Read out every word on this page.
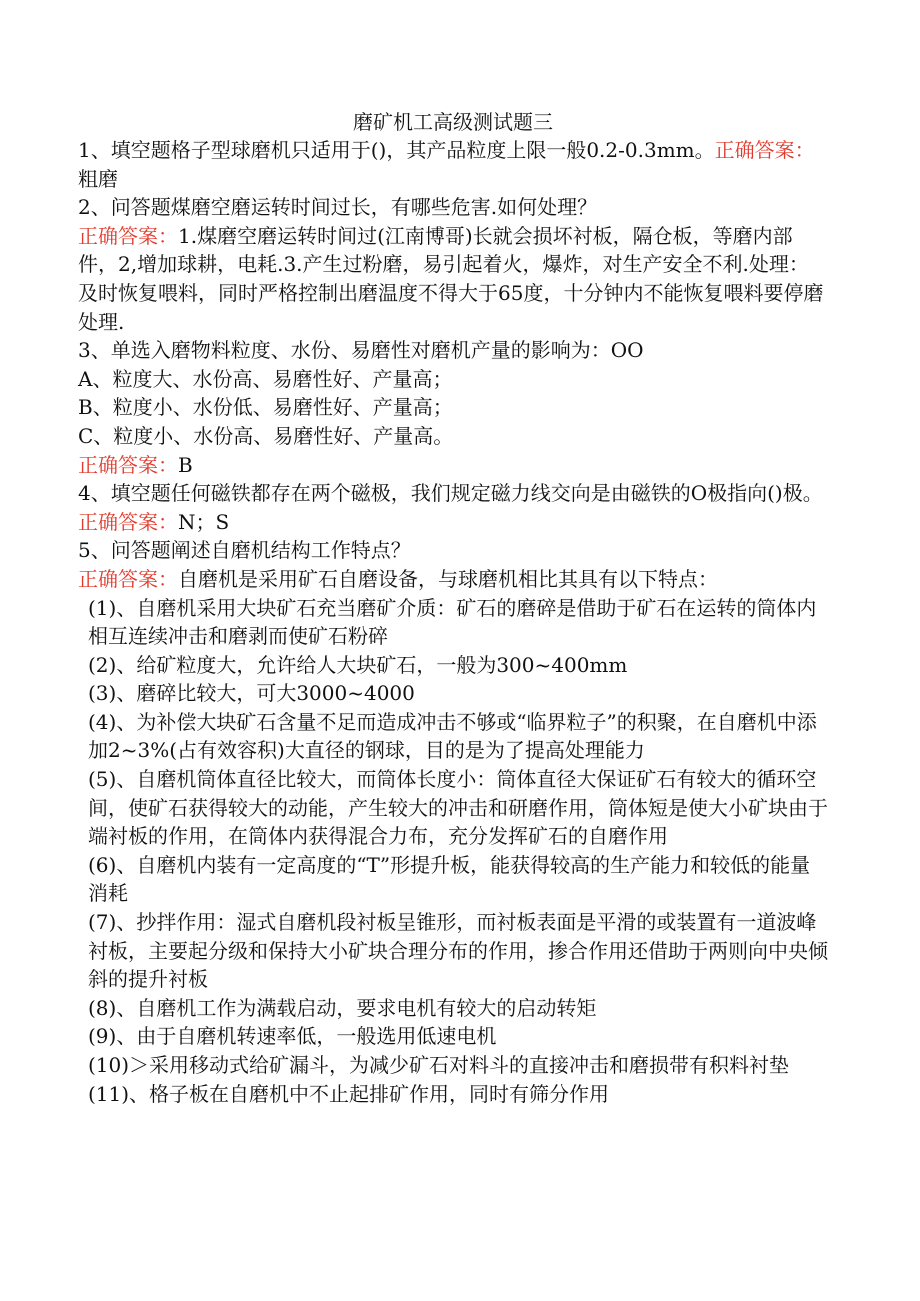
磨矿机工高级测试题三

1、填空题格子型球磨机只适用于()，其产品粒度上限一般0.2-0.3mm。正确答案：粗磨

2、问答题煤磨空磨运转时间过长，有哪些危害.如何处理？

正确答案：1.煤磨空磨运转时间过(江南博哥)长就会损坏衬板，隔仓板，等磨内部件，2,增加球耕，电耗.3.产生过粉磨，易引起着火，爆炸，对生产安全不利.处理：及时恢复喂料，同时严格控制出磨温度不得大于65度，十分钟内不能恢复喂料要停磨处理.

3、单选入磨物料粒度、水份、易磨性对磨机产量的影响为：OO

A、粒度大、水份高、易磨性好、产量高；

B、粒度小、水份低、易磨性好、产量高；

C、粒度小、水份高、易磨性好、产量高。

正确答案：B

4、填空题任何磁铁都存在两个磁极，我们规定磁力线交向是由磁铁的O极指向()极。

正确答案：N；S

5、问答题阐述自磨机结构工作特点？

正确答案：自磨机是采用矿石自磨设备，与球磨机相比其具有以下特点：

(1)、自磨机采用大块矿石充当磨矿介质：矿石的磨碎是借助于矿石在运转的筒体内相互连续冲击和磨剥而使矿石粉碎

(2)、给矿粒度大，允许给人大块矿石，一般为300~400mm

(3)、磨碎比较大，可大3000~4000

(4)、为补偿大块矿石含量不足而造成冲击不够或“临界粒子”的积聚，在自磨机中添加2~3%(占有效容积)大直径的钢球，目的是为了提高处理能力

(5)、自磨机筒体直径比较大，而筒体长度小：筒体直径大保证矿石有较大的循环空间，使矿石获得较大的动能，产生较大的冲击和研磨作用，筒体短是使大小矿块由于端衬板的作用，在筒体内获得混合力布，充分发挥矿石的自磨作用

(6)、自磨机内装有一定高度的“T”形提升板，能获得较高的生产能力和较低的能量消耗

(7)、抄拌作用：湿式自磨机段衬板呈锥形，而衬板表面是平滑的或装置有一道波峰衬板，主要起分级和保持大小矿块合理分布的作用，掺合作用还借助于两则向中央倾斜的提升衬板

(8)、自磨机工作为满载启动，要求电机有较大的启动转矩

(9)、由于自磨机转速率低，一般选用低速电机

(10)＞采用移动式给矿漏斗，为减少矿石对料斗的直接冲击和磨损带有积料衬垫

(11)、格子板在自磨机中不止起排矿作用，同时有筛分作用
